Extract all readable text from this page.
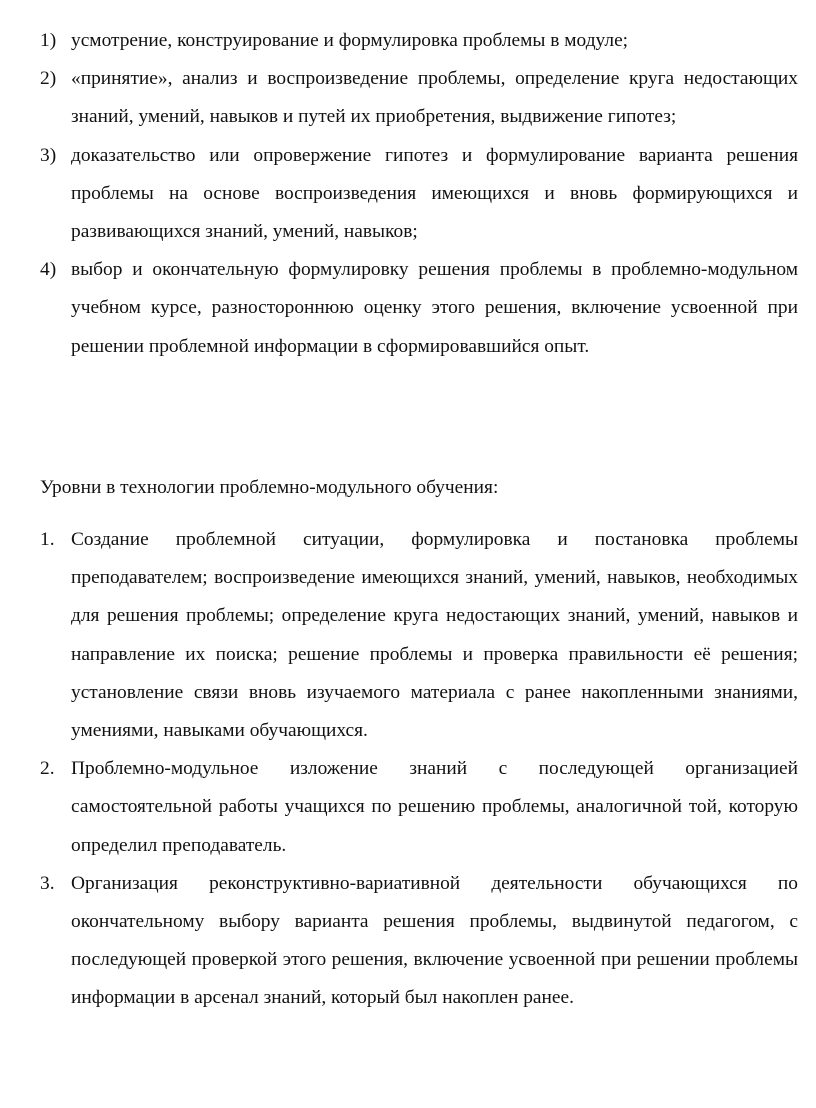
1) усмотрение, конструирование и формулировка проблемы в модуле;
2) «принятие», анализ и воспроизведение проблемы, определение круга недостающих знаний, умений, навыков и путей их приобретения, выдвижение гипотез;
3) доказательство или опровержение гипотез и формулирование варианта решения проблемы на основе воспроизведения имеющихся и вновь формирующихся и развивающихся знаний, умений, навыков;
4) выбор и окончательную формулировку решения проблемы в проблемно-модульном учебном курсе, разностороннюю оценку этого решения, включение усвоенной при решении проблемной информации в сформировавшийся опыт.

Уровни в технологии проблемно-модульного обучения:

1. Создание проблемной ситуации, формулировка и постановка проблемы преподавателем; воспроизведение имеющихся знаний, умений, навыков, необходимых для решения проблемы; определение круга недостающих знаний, умений, навыков и направление их поиска; решение проблемы и проверка правильности её решения; установление связи вновь изучаемого материала с ранее накопленными знаниями, умениями, навыками обучающихся.
2. Проблемно-модульное изложение знаний с последующей организацией самостоятельной работы учащихся по решению проблемы, аналогичной той, которую определил преподаватель.
3. Организация реконструктивно-вариативной деятельности обучающихся по окончательному выбору варианта решения проблемы, выдвинутой педагогом, с последующей проверкой этого решения, включение усвоенной при решении проблемы информации в арсенал знаний, который был накоплен ранее.
